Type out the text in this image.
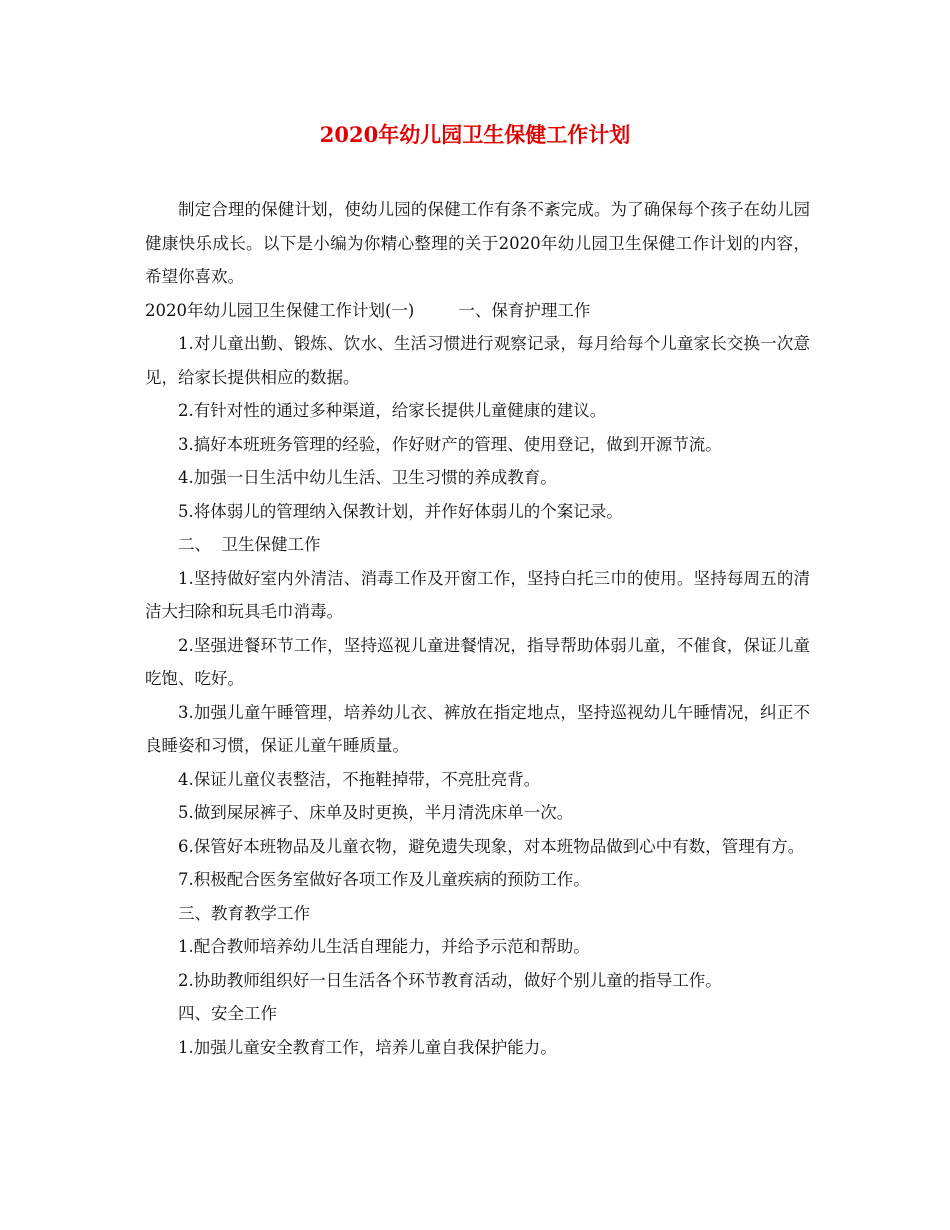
2020年幼儿园卫生保健工作计划

制定合理的保健计划，使幼儿园的保健工作有条不紊完成。为了确保每个孩子在幼儿园健康快乐成长。以下是小编为你精心整理的关于2020年幼儿园卫生保健工作计划的内容，希望你喜欢。

2020年幼儿园卫生保健工作计划(一)	一、保育护理工作

1.对儿童出勤、锻炼、饮水、生活习惯进行观察记录，每月给每个儿童家长交换一次意见，给家长提供相应的数据。

2.有针对性的通过多种渠道，给家长提供儿童健康的建议。

3.搞好本班班务管理的经验，作好财产的管理、使用登记，做到开源节流。

4.加强一日生活中幼儿生活、卫生习惯的养成教育。

5.将体弱儿的管理纳入保教计划，并作好体弱儿的个案记录。

二、  卫生保健工作

1.坚持做好室内外清洁、消毒工作及开窗工作，坚持白托三巾的使用。坚持每周五的清洁大扫除和玩具毛巾消毒。

2.坚强进餐环节工作，坚持巡视儿童进餐情况，指导帮助体弱儿童，不催食，保证儿童吃饱、吃好。

3.加强儿童午睡管理，培养幼儿衣、裤放在指定地点，坚持巡视幼儿午睡情况，纠正不良睡姿和习惯，保证儿童午睡质量。

4.保证儿童仪表整洁，不拖鞋掉带，不亮肚亮背。

5.做到屎尿裤子、床单及时更换，半月清洗床单一次。

6.保管好本班物品及儿童衣物，避免遗失现象，对本班物品做到心中有数，管理有方。

7.积极配合医务室做好各项工作及儿童疾病的预防工作。

三、教育教学工作

1.配合教师培养幼儿生活自理能力，并给予示范和帮助。

2.协助教师组织好一日生活各个环节教育活动，做好个别儿童的指导工作。

四、安全工作

1.加强儿童安全教育工作，培养儿童自我保护能力。
